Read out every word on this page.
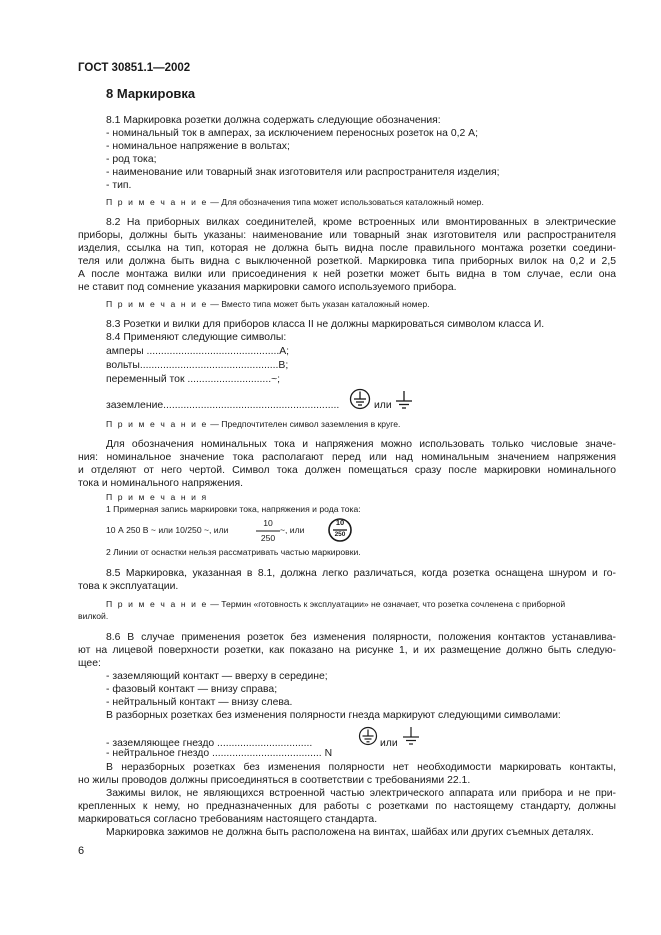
ГОСТ 30851.1—2002
8 Маркировка
8.1 Маркировка розетки должна содержать следующие обозначения:
- номинальный ток в амперах, за исключением переносных розеток на 0,2 А;
- номинальное напряжение в вольтах;
- род тока;
- наименование или товарный знак изготовителя или распространителя изделия;
- тип.
П р и м е ч а н и е — Для обозначения типа может использоваться каталожный номер.
8.2 На приборных вилках соединителей, кроме встроенных или вмонтированных в электрические
приборы, должны быть указаны: наименование или товарный знак изготовителя или распространителя
изделия, ссылка на тип, которая не должна быть видна после правильного монтажа розетки соедини-
теля или должна быть видна с выключенной розеткой. Маркировка типа приборных вилок на 0,2 и 2,5
А после монтажа вилки или присоединения к ней розетки может быть видна в том случае, если она
не ставит под сомнение указания маркировки самого используемого прибора.
П р и м е ч а н и е — Вместо типа может быть указан каталожный номер.
8.3 Розетки и вилки для приборов класса II не должны маркироваться символом класса И.
8.4 Применяют следующие символы:
амперы ..............................................А;
вольты................................................В;
переменный ток .............................~;
заземление.............................................................	или
П р и м е ч а н и е — Предпочтителен символ заземления в круге.
Для обозначения номинальных тока и напряжения можно использовать только числовые значе-
ния: номинальное значение тока располагают перед или над номинальным значением напряжения
и отделяют от него чертой. Символ тока должен помещаться сразу после маркировки номинального
тока и номинального напряжения.
П р и м е ч а н и я
1 Примерная запись маркировки тока, напряжения и рода тока:
10 А 250 В ~ или 10/250 ~, или
10
250
~, или
10
250
2 Линии от оснастки нельзя рассматривать частью маркировки.
8.5 Маркировка, указанная в 8.1, должна легко различаться, когда розетка оснащена шнуром и го-
това к эксплуатации.
П р и м е ч а н и е — Термин «готовность к эксплуатации» не означает, что розетка сочленена с приборной
вилкой.
8.6 В случае применения розеток без изменения полярности, положения контактов устанавлива-
ют на лицевой поверхности розетки, как показано на рисунке 1, и их размещение должно быть следую-
щее:
- заземляющий контакт — вверху в середине;
- фазовый контакт — внизу справа;
- нейтральный контакт — внизу слева.
В разборных розетках без изменения полярности гнезда маркируют следующими символами:
- заземляющее гнездо .................................	или
- нейтральное гнездо ...................................... N
В неразборных розетках без изменения полярности нет необходимости маркировать контакты,
но жилы проводов должны присоединяться в соответствии с требованиями 22.1.
Зажимы вилок, не являющихся встроенной частью электрического аппарата или прибора и не при-
крепленных к нему, но предназначенных для работы с розетками по настоящему стандарту, должны
маркироваться согласно требованиям настоящего стандарта.
Маркировка зажимов не должна быть расположена на винтах, шайбах или других съемных деталях.
6
